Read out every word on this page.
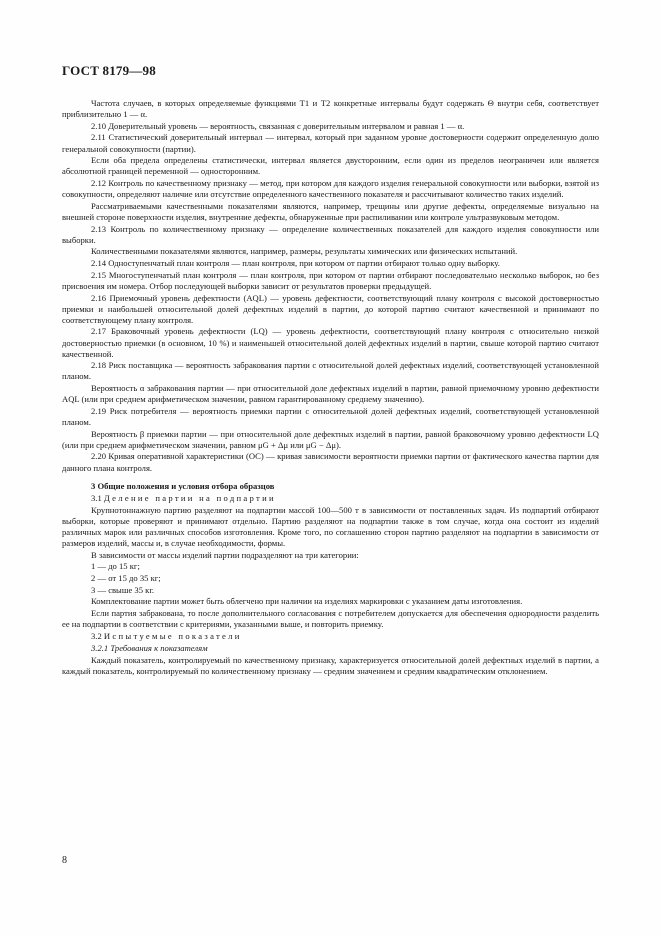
ГОСТ 8179—98

Частота случаев, в которых определяемые функциями T1 и T2 конкретные интервалы будут содержать Θ внутри себя, соответствует приблизительно 1 — α.

2.10 Доверительный уровень — вероятность, связанная с доверительным интервалом и равная 1 — α.

2.11 Статистический доверительный интервал — интервал, который при заданном уровне достоверности содержит определенную долю генеральной совокупности (партии).

Если оба предела определены статистически, интервал является двусторонним, если один из пределов неограничен или является абсолютной границей переменной — односторонним.

2.12 Контроль по качественному признаку — метод, при котором для каждого изделия генеральной совокупности или выборки, взятой из совокупности, определяют наличие или отсутствие определенного качественного показателя и рассчитывают количество таких изделий.

Рассматриваемыми качественными показателями являются, например, трещины или другие дефекты, определяемые визуально на внешней стороне поверхности изделия, внутренние дефекты, обнаруженные при распиливании или контроле ультразвуковым методом.

2.13 Контроль по количественному признаку — определение количественных показателей для каждого изделия совокупности или выборки.

Количественными показателями являются, например, размеры, результаты химических или физических испытаний.

2.14 Одноступенчатый план контроля — план контроля, при котором от партии отбирают только одну выборку.

2.15 Многоступенчатый план контроля — план контроля, при котором от партии отбирают последовательно несколько выборок, но без присвоения им номера. Отбор последующей выборки зависит от результатов проверки предыдущей.

2.16 Приемочный уровень дефектности (AQL) — уровень дефектности, соответствующий плану контроля с высокой достоверностью приемки и наибольшей относительной долей дефектных изделий в партии, до которой партию считают качественной и принимают по соответствующему плану контроля.

2.17 Браковочный уровень дефектности (LQ) — уровень дефектности, соответствующий плану контроля с относительно низкой достоверностью приемки (в основном, 10 %) и наименьшей относительной долей дефектных изделий в партии, свыше которой партию считают качественной.

2.18 Риск поставщика — вероятность забракования партии с относительной долей дефектных изделий, соответствующей установленной планом.

Вероятность α забракования партии — при относительной доле дефектных изделий в партии, равной приемочному уровню дефектности AQL (или при среднем арифметическом значении, равном гарантированному среднему значению).

2.19 Риск потребителя — вероятность приемки партии с относительной долей дефектных изделий, соответствующей установленной планом.

Вероятность β приемки партии — при относительной доле дефектных изделий в партии, равной браковочному уровню дефектности LQ (или при среднем арифметическом значении, равном μG + Δμ или μG − Δμ).

2.20 Кривая оперативной характеристики (ОС) — кривая зависимости вероятности приемки партии от фактического качества партии для данного плана контроля.

3 Общие положения и условия отбора образцов

3.1 Деление партии на подпартии

Крупнотоннажную партию разделяют на подпартии массой 100—500 т в зависимости от поставленных задач. Из подпартий отбирают выборки, которые проверяют и принимают отдельно. Партию разделяют на подпартии также в том случае, когда она состоит из изделий различных марок или различных способов изготовления. Кроме того, по соглашению сторон партию разделяют на подпартии в зависимости от размеров изделий, массы и, в случае необходимости, формы.

В зависимости от массы изделий партии подразделяют на три категории:

1 — до 15 кг;

2 — от 15 до 35 кг;

3 — свыше 35 кг.

Комплектование партии может быть облегчено при наличии на изделиях маркировки с указанием даты изготовления.

Если партия забракована, то после дополнительного согласования с потребителем допускается для обеспечения однородности разделить ее на подпартии в соответствии с критериями, указанными выше, и повторить приемку.

3.2 Испытуемые показатели

3.2.1 Требования к показателям

Каждый показатель, контролируемый по качественному признаку, характеризуется относительной долей дефектных изделий в партии, а каждый показатель, контролируемый по количественному признаку — средним значением и средним квадратическим отклонением.

8
